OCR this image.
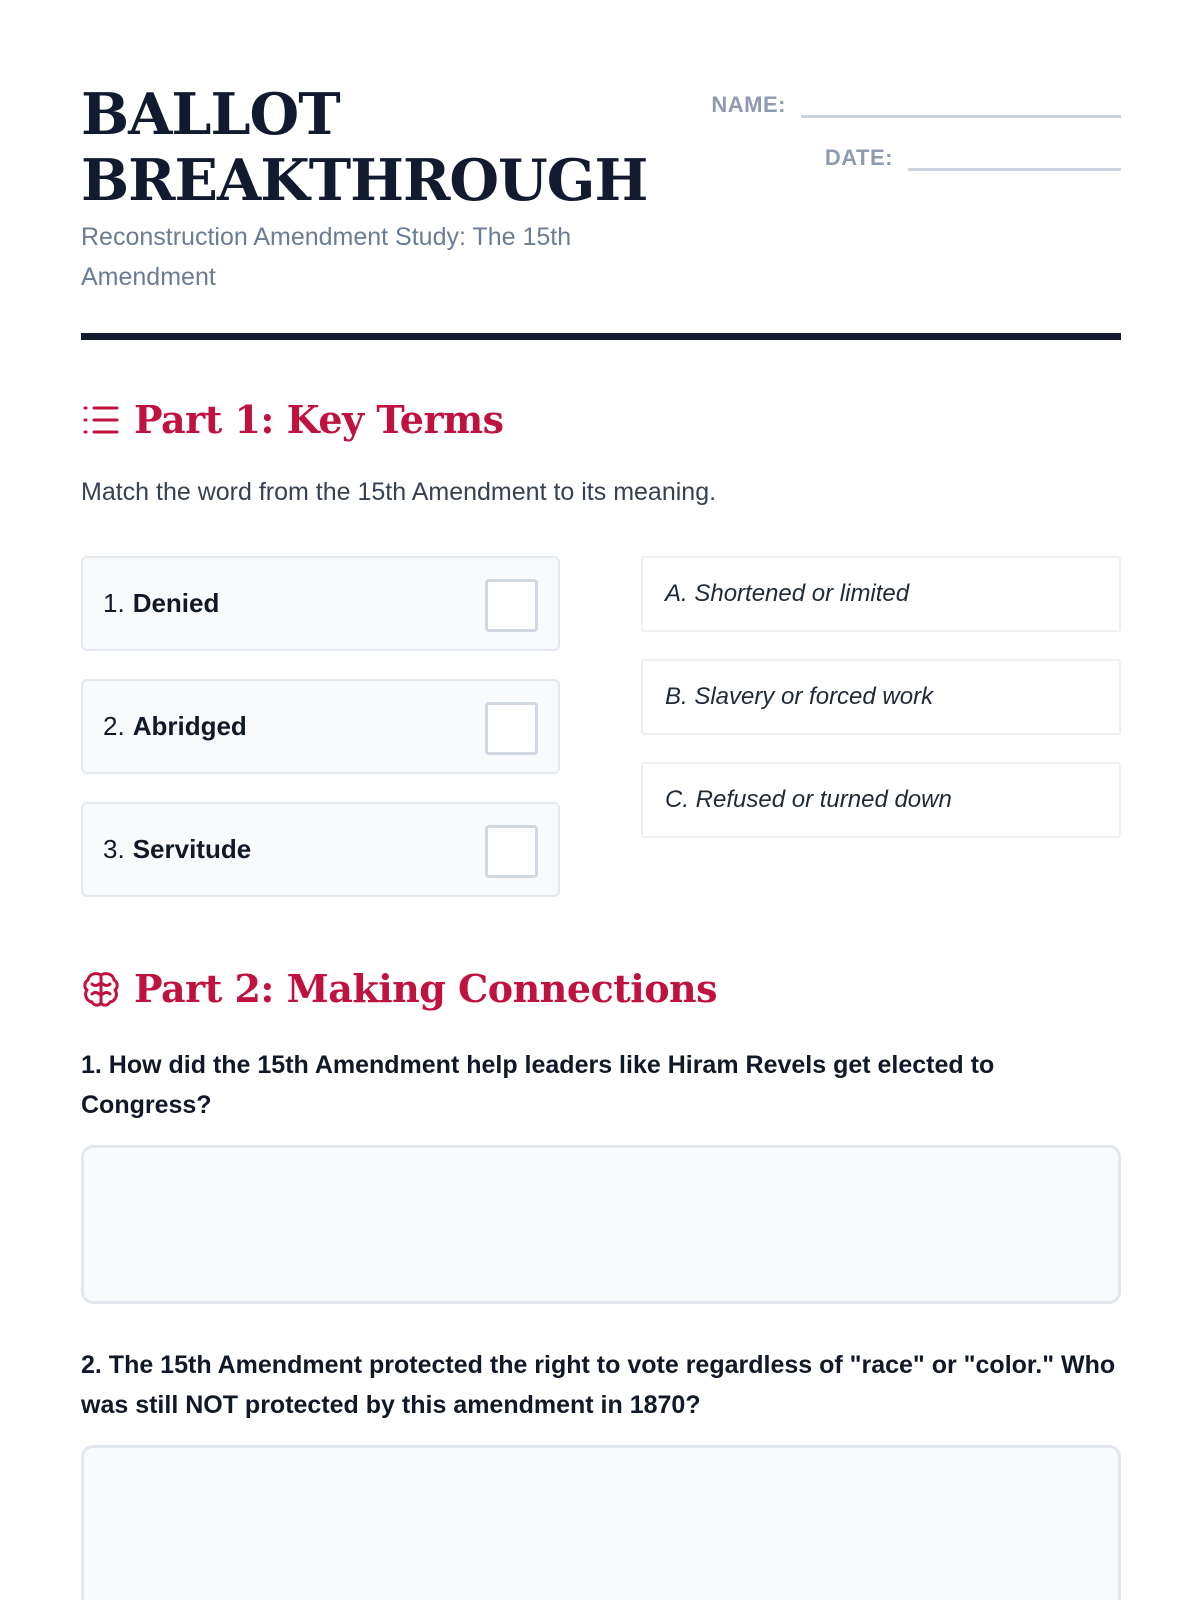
BALLOT
BREAKTHROUGH
Reconstruction Amendment Study: The 15th Amendment
NAME:
DATE:
Part 1: Key Terms

Match the word from the 15th Amendment to its meaning.

1. Denied
2. Abridged
3. Servitude
A. Shortened or limited
B. Slavery or forced work
C. Refused or turned down
Part 2: Making Connections

1. How did the 15th Amendment help leaders like Hiram Revels get elected to Congress?

2. The 15th Amendment protected the right to vote regardless of "race" or "color." Who was still NOT protected by this amendment in 1870?
